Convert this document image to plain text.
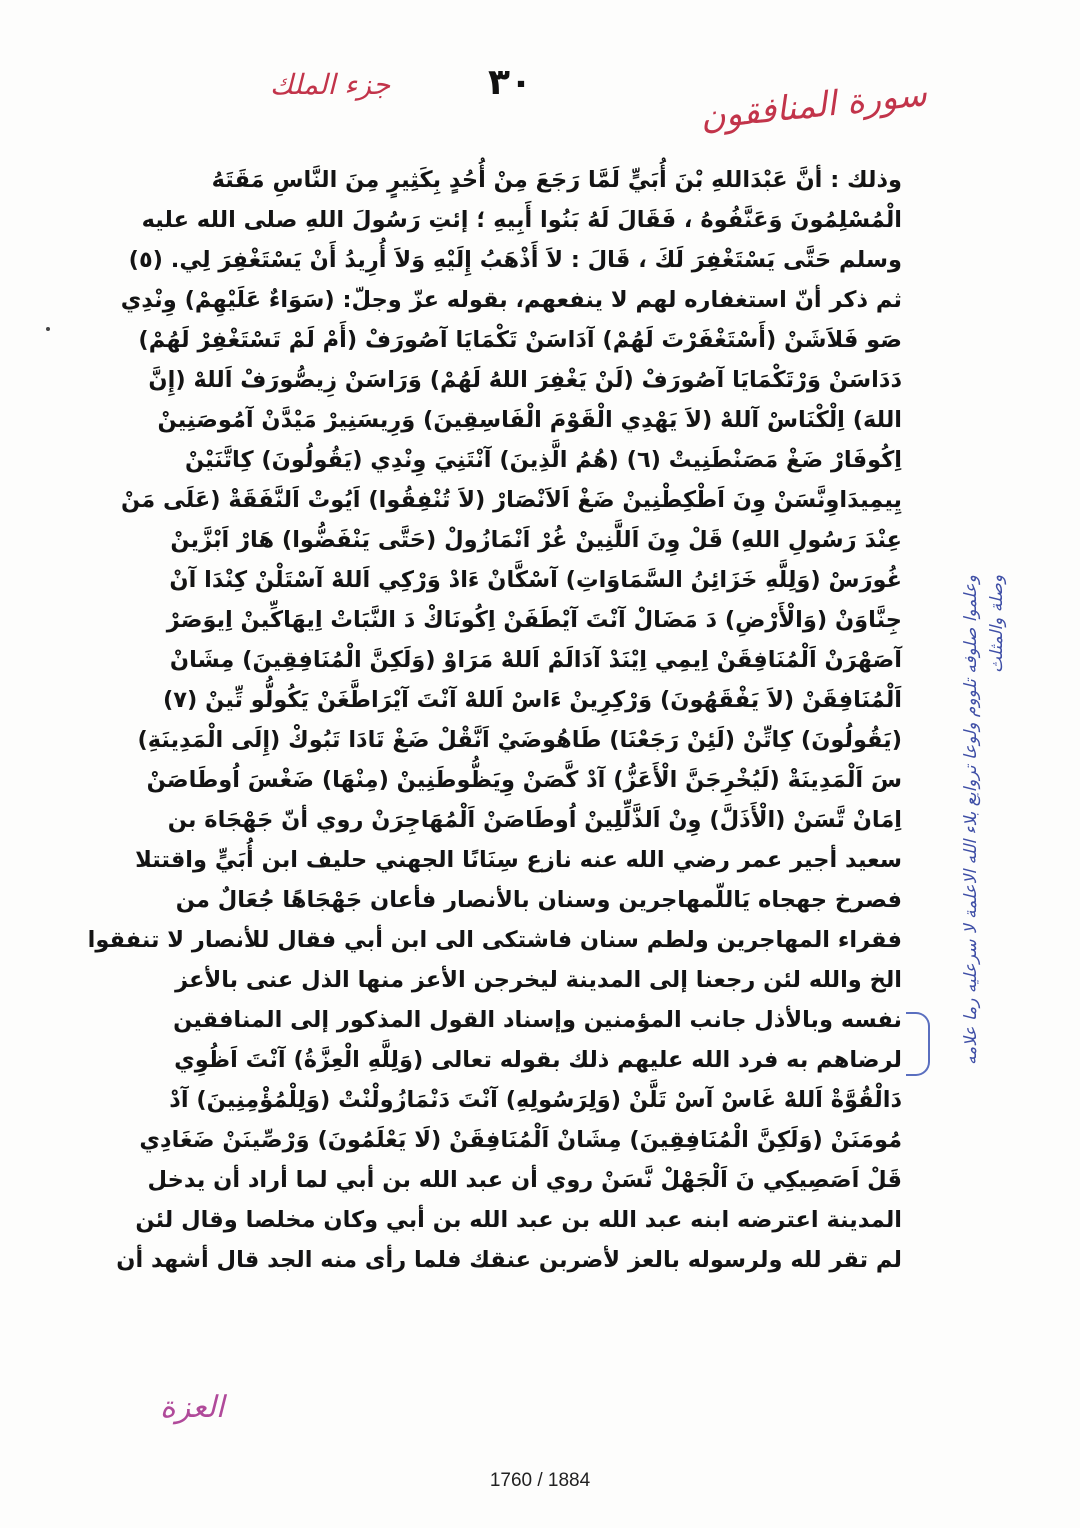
سورة المنافقون
٣٠
جزء الملك
وذلك : أنَّ عَبْدَاللهِ بْنَ أُبَيٍّ لَمَّا رَجَعَ مِنْ أُحُدٍ بِكَثِيرٍ مِنَ النَّاسِ مَقَتَهُ
الْمُسْلِمُونَ وَعَنَّفُوهُ ، فَقَالَ لَهُ بَنُوا أَبِيهِ ؛ إئتِ رَسُولَ اللهِ صلى الله عليه
وسلم حَتَّى يَسْتَغْفِرَ لَكَ ، قَالَ : لاَ أَذْهَبُ إِلَيْهِ وَلاَ أُرِيدُ أَنْ يَسْتَغْفِرَ لِي. (٥)
ثم ذكر أنّ استغفاره لهم لا ينفعهم، بقوله عزّ وجلّ: (سَوَاءٌ عَلَيْهِمْ) وِنْدِي
صَو فَلاَشَنْ (أَسْتَغْفَرْتَ لَهُمْ) آدَاسَنْ تَكْمَايَا آصُورَفْ (أَمْ لَمْ تَسْتَغْفِرْ لَهُمْ)
دَدَاسَنْ وَرْتَكْمَايَا آصُورَفْ (لَنْ يَغْفِرَ اللهُ لَهُمْ) وَرَاسَنْ زِيصُّورَفْ اَللهْ (إِنَّ
اللهَ) اِلْكْنَاسْ آللهْ (لاَ يَهْدِي الْقَوْمَ الْفَاسِقِينَ) وَرِيسَنِيرْ مَيْدَّنْ آمُوصَنِينْ
اِكُوفَارْ ضَغْ مَصَنْطَنِيتْ (٦) (هُمُ الَّذِينَ) آنْتَنِيَ وِنْدِي (يَقُولُونَ) كِاتَّنَيْنْ
يِيمِيدَاوِنَّسَنْ وِنَ اَطْكِطْنِينْ ضَغْ اَلاَنْصَارْ (لاَ تُنْفِقُوا) اَيُوتْ اَلنَّفَقَةْ (عَلَى مَنْ
عِنْدَ رَسُولِ اللهِ) قَلْ وِنَ اَللَّنِينْ غُرْ اَنْمَازُولْ (حَتَّى يَنْفَضُّوا) هَارْ اَبْزَّينْ
غُورَسْ (وَلِلَّهِ خَزَائِنُ السَّمَاوَاتِ) آسْكَّانْ ءَادْ وَرْكِي اَللهْ آسْتَلْنْ كِنْدَا آنْ
جِنَّاوَنْ (وَالْأَرْضِ) دَ مَضَالْ آنْتَ آيْطَفَنْ اِكُونَاكْ دَ النَّبَاتْ اِيهَاكِّينْ اِيوَصَرْ
آصَهْرَنْ اَلْمُنَافِقَنْ اِيمِي اِيْنَدْ آدَالَمْ اَللهْ مَرَاوْ (وَلَكِنَّ الْمُنَافِقِينَ) مِشَانْ
اَلْمُنَافِقَنْ (لاَ يَفْقَهُونَ) وَرْكِرِينْ ءَاسْ اَللهْ آنْتَ آيْرَاطَّغَنْ يَكُولُّو تِّينْ (٧)
(يَقُولُونَ) كِاتِّنْ (لَئِنْ رَجَعْنَا) طَاهُوضَيْ اَنَّقْلْ ضَغْ تَادَا تَبُوكْ (إِلَى الْمَدِينَةِ)
سَ اَلْمَدِينَةْ (لَيُخْرِجَنَّ الْأَعَزُّ) آدْ كَّصَنْ وِيَظُّوطَنِينْ (مِنْهَا) ضَغْسَ اُوطَاصَنْ
اِمَانْ تَّسَنْ (الْأَذَلَّ) وِنْ اَلذَّلِّلِينْ اُوطَاصَنْ اَلْمُهَاجِرَنْ روي أنّ جَهْجَاهَ بن
سعيد أجير عمر رضي الله عنه نازع سِنَانًا الجهني حليف ابن أُبَيٍّ واقتتلا
فصرخ جهجاه يَاللّمهاجرين وسنان بالأنصار فأعان جَهْجَاهًا جُعَالٌ من
فقراء المهاجرين ولطم سنان فاشتكى الى ابن أبي فقال للأنصار لا تنفقوا
الخ والله لئن رجعنا إلى المدينة ليخرجن الأعز منها الذل عنى بالأعز
نفسه وبالأذل جانب المؤمنين وإسناد القول المذكور إلى المنافقين
لرضاهم به فرد الله عليهم ذلك بقوله تعالى (وَلِلَّهِ الْعِزَّةُ) آنْتَ اَظُوِي
دَالْقُوَّةْ اَللهْ غَاسْ آسْ تَلَّنْ (وَلِرَسُولِهِ) آنْتَ دَنْمَازُولْنْتْ (وَلِلْمُؤْمِنِينَ) آدْ
مُومَنَنْ (وَلَكِنَّ الْمُنَافِقِينَ) مِشَانْ اَلْمُنَافِقَنْ (لَا يَعْلَمُونَ) وَرْصِّينَنْ ضَغَادِي
قَلْ اَصَصِيكِي نَ اَلْجَهْلْ نَّسَنْ روي أن عبد الله بن أبي لما أراد أن يدخل
المدينة اعترضه ابنه عبد الله بن عبد الله بن أبي وكان مخلصا وقال لئن
لم تقر لله ولرسوله بالعز لأضربن عنقك فلما رأى منه الجد قال أشهد أن
وعلموا صلوفه تلووم ولوعا تروايع بلاء الله الاعلمة لا سرعليه رما علامه وصلة والمثلث
العزة
1760 / 1884
